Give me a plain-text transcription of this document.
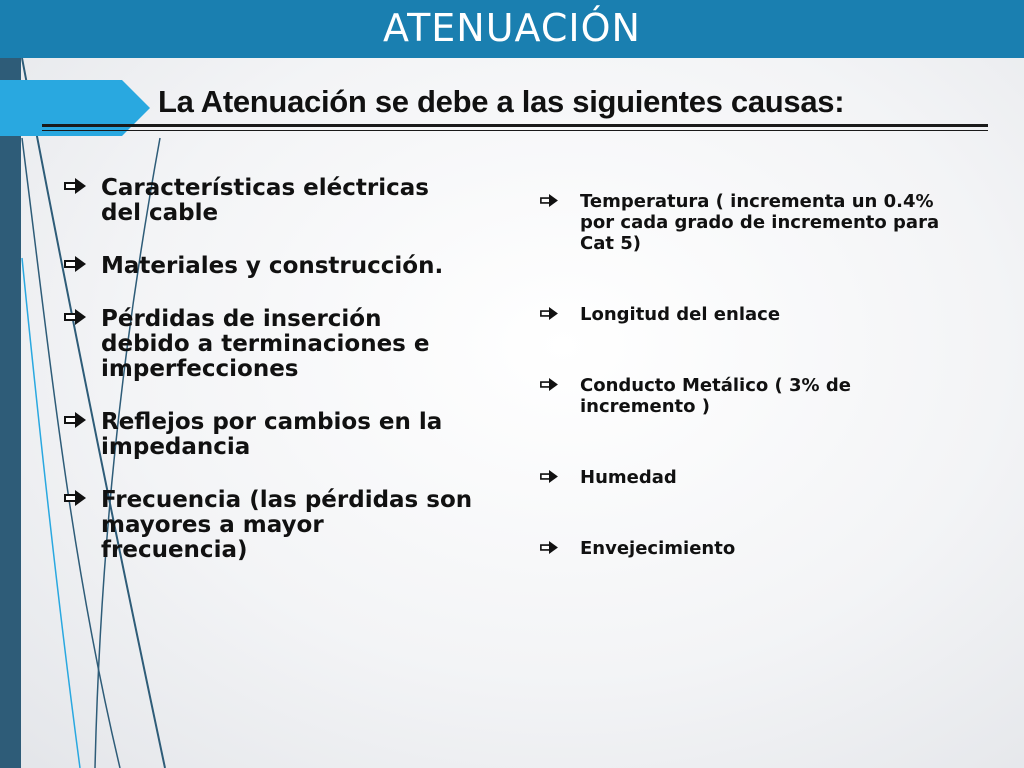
ATENUACIÓN
La Atenuación se debe a las siguientes causas:
Características eléctricas del cable
Materiales y construcción.
Pérdidas de inserción debido a terminaciones e imperfecciones
Reflejos por cambios en la impedancia
Frecuencia (las pérdidas son mayores a mayor frecuencia)
Temperatura ( incrementa un 0.4% por cada grado de incremento para Cat 5)
Longitud del enlace
Conducto Metálico ( 3% de incremento )
Humedad
Envejecimiento
